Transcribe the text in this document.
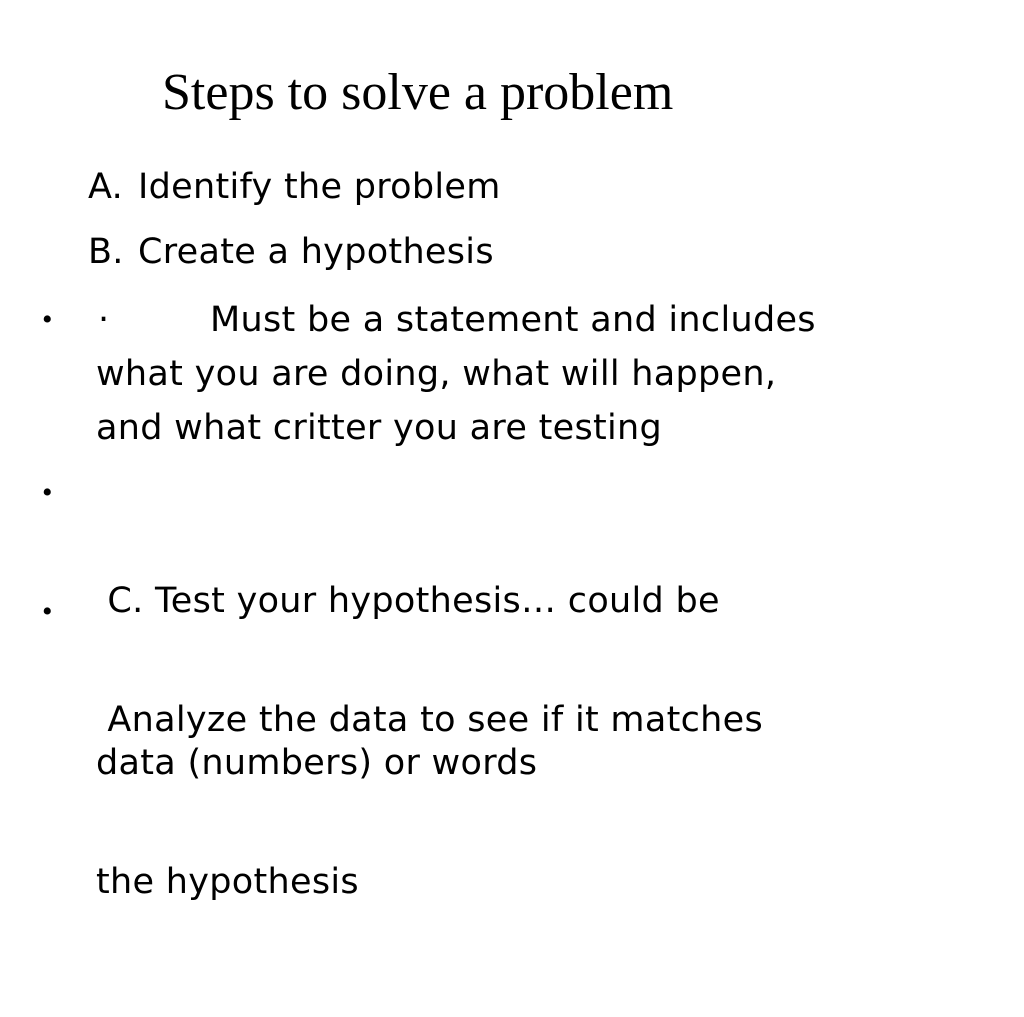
Steps to solve a problem
A. Identify the problem
B. Create a hypothesis
• ·	Must be a statement and includes
what you are doing, what will happen,
and what critter you are testing
•

C. Test your hypothesis… could be

data (numbers) or words

•

Analyze the data to see if it matches

the hypothesis
